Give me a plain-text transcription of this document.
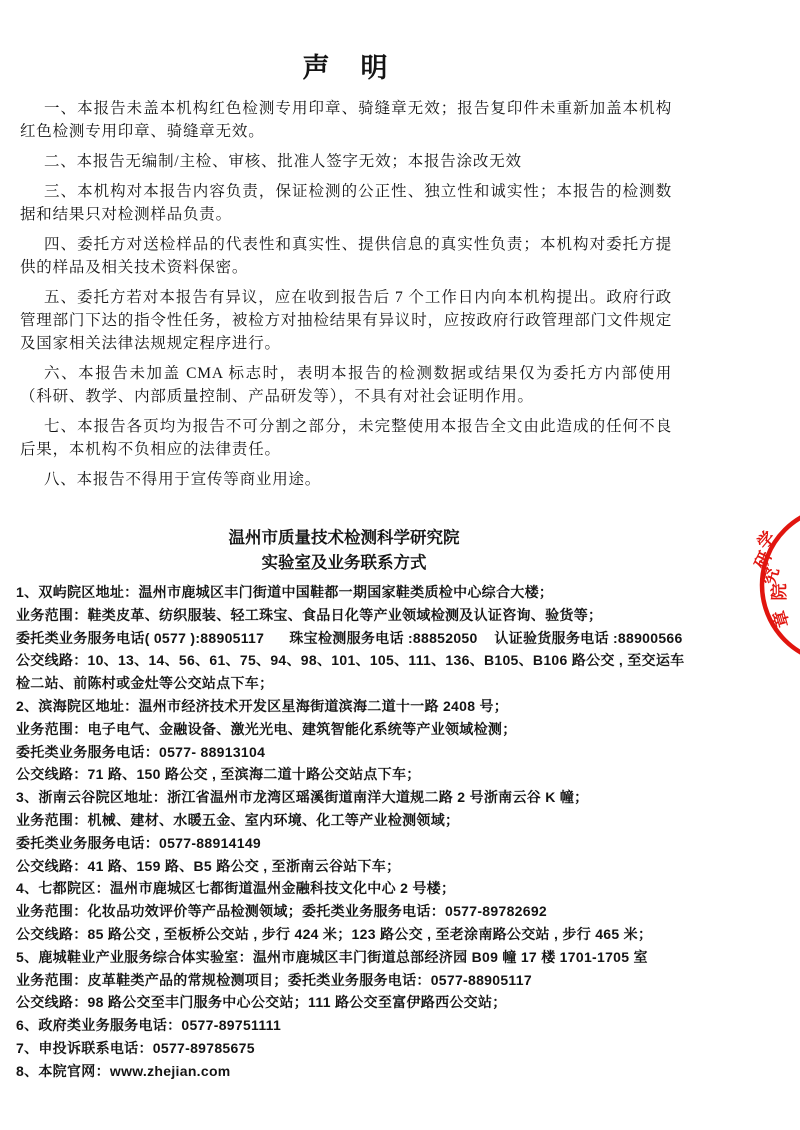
声　明

一、本报告未盖本机构红色检测专用印章、骑缝章无效；报告复印件未重新加盖本机构红色检测专用印章、骑缝章无效。

二、本报告无编制/主检、审核、批准人签字无效；本报告涂改无效

三、本机构对本报告内容负责，保证检测的公正性、独立性和诚实性；本报告的检测数据和结果只对检测样品负责。

四、委托方对送检样品的代表性和真实性、提供信息的真实性负责；本机构对委托方提供的样品及相关技术资料保密。

五、委托方若对本报告有异议，应在收到报告后 7 个工作日内向本机构提出。政府行政管理部门下达的指令性任务，被检方对抽检结果有异议时，应按政府行政管理部门文件规定及国家相关法律法规规定程序进行。

六、本报告未加盖 CMA 标志时，表明本报告的检测数据或结果仅为委托方内部使用（科研、教学、内部质量控制、产品研发等），不具有对社会证明作用。

七、本报告各页均为报告不可分割之部分，未完整使用本报告全文由此造成的任何不良后果，本机构不负相应的法律责任。

八、本报告不得用于宣传等商业用途。

温州市质量技术检测科学研究院
实验室及业务联系方式
1、双屿院区地址：温州市鹿城区丰门街道中国鞋都一期国家鞋类质检中心综合大楼；
业务范围：鞋类皮革、纺织服装、轻工珠宝、食品日化等产业领域检测及认证咨询、验货等；
委托类业务服务电话( 0577 ):88905117      珠宝检测服务电话 :88852050    认证验货服务电话 :88900566
公交线路：10、13、14、56、61、75、94、98、101、105、111、136、B105、B106 路公交 , 至交运车
检二站、前陈村或金灶等公交站点下车；
2、滨海院区地址：温州市经济技术开发区星海街道滨海二道十一路 2408 号；
业务范围：电子电气、金融设备、激光光电、建筑智能化系统等产业领域检测；
委托类业务服务电话：0577- 88913104
公交线路：71 路、150 路公交 , 至滨海二道十路公交站点下车；
3、浙南云谷院区地址：浙江省温州市龙湾区瑶溪街道南洋大道规二路 2 号浙南云谷 K 幢；
业务范围：机械、建材、水暖五金、室内环境、化工等产业检测领域；
委托类业务服务电话：0577-88914149
公交线路：41 路、159 路、B5 路公交 , 至浙南云谷站下车；
4、七都院区：温州市鹿城区七都街道温州金融科技文化中心 2 号楼；
业务范围：化妆品功效评价等产品检测领域；委托类业务服务电话：0577-89782692
公交线路：85 路公交 , 至板桥公交站 , 步行 424 米；123 路公交 , 至老涂南路公交站 , 步行 465 米；
5、鹿城鞋业产业服务综合体实验室：温州市鹿城区丰门街道总部经济园 B09 幢 17 楼 1701-1705 室
业务范围：皮革鞋类产品的常规检测项目；委托类业务服务电话：0577-88905117
公交线路：98 路公交至丰门服务中心公交站；111 路公交至富伊路西公交站；
6、政府类业务服务电话：0577-89751111
7、申投诉联系电话：0577-89785675
8、本院官网：www.zhejian.com
学
研
究
院
章
